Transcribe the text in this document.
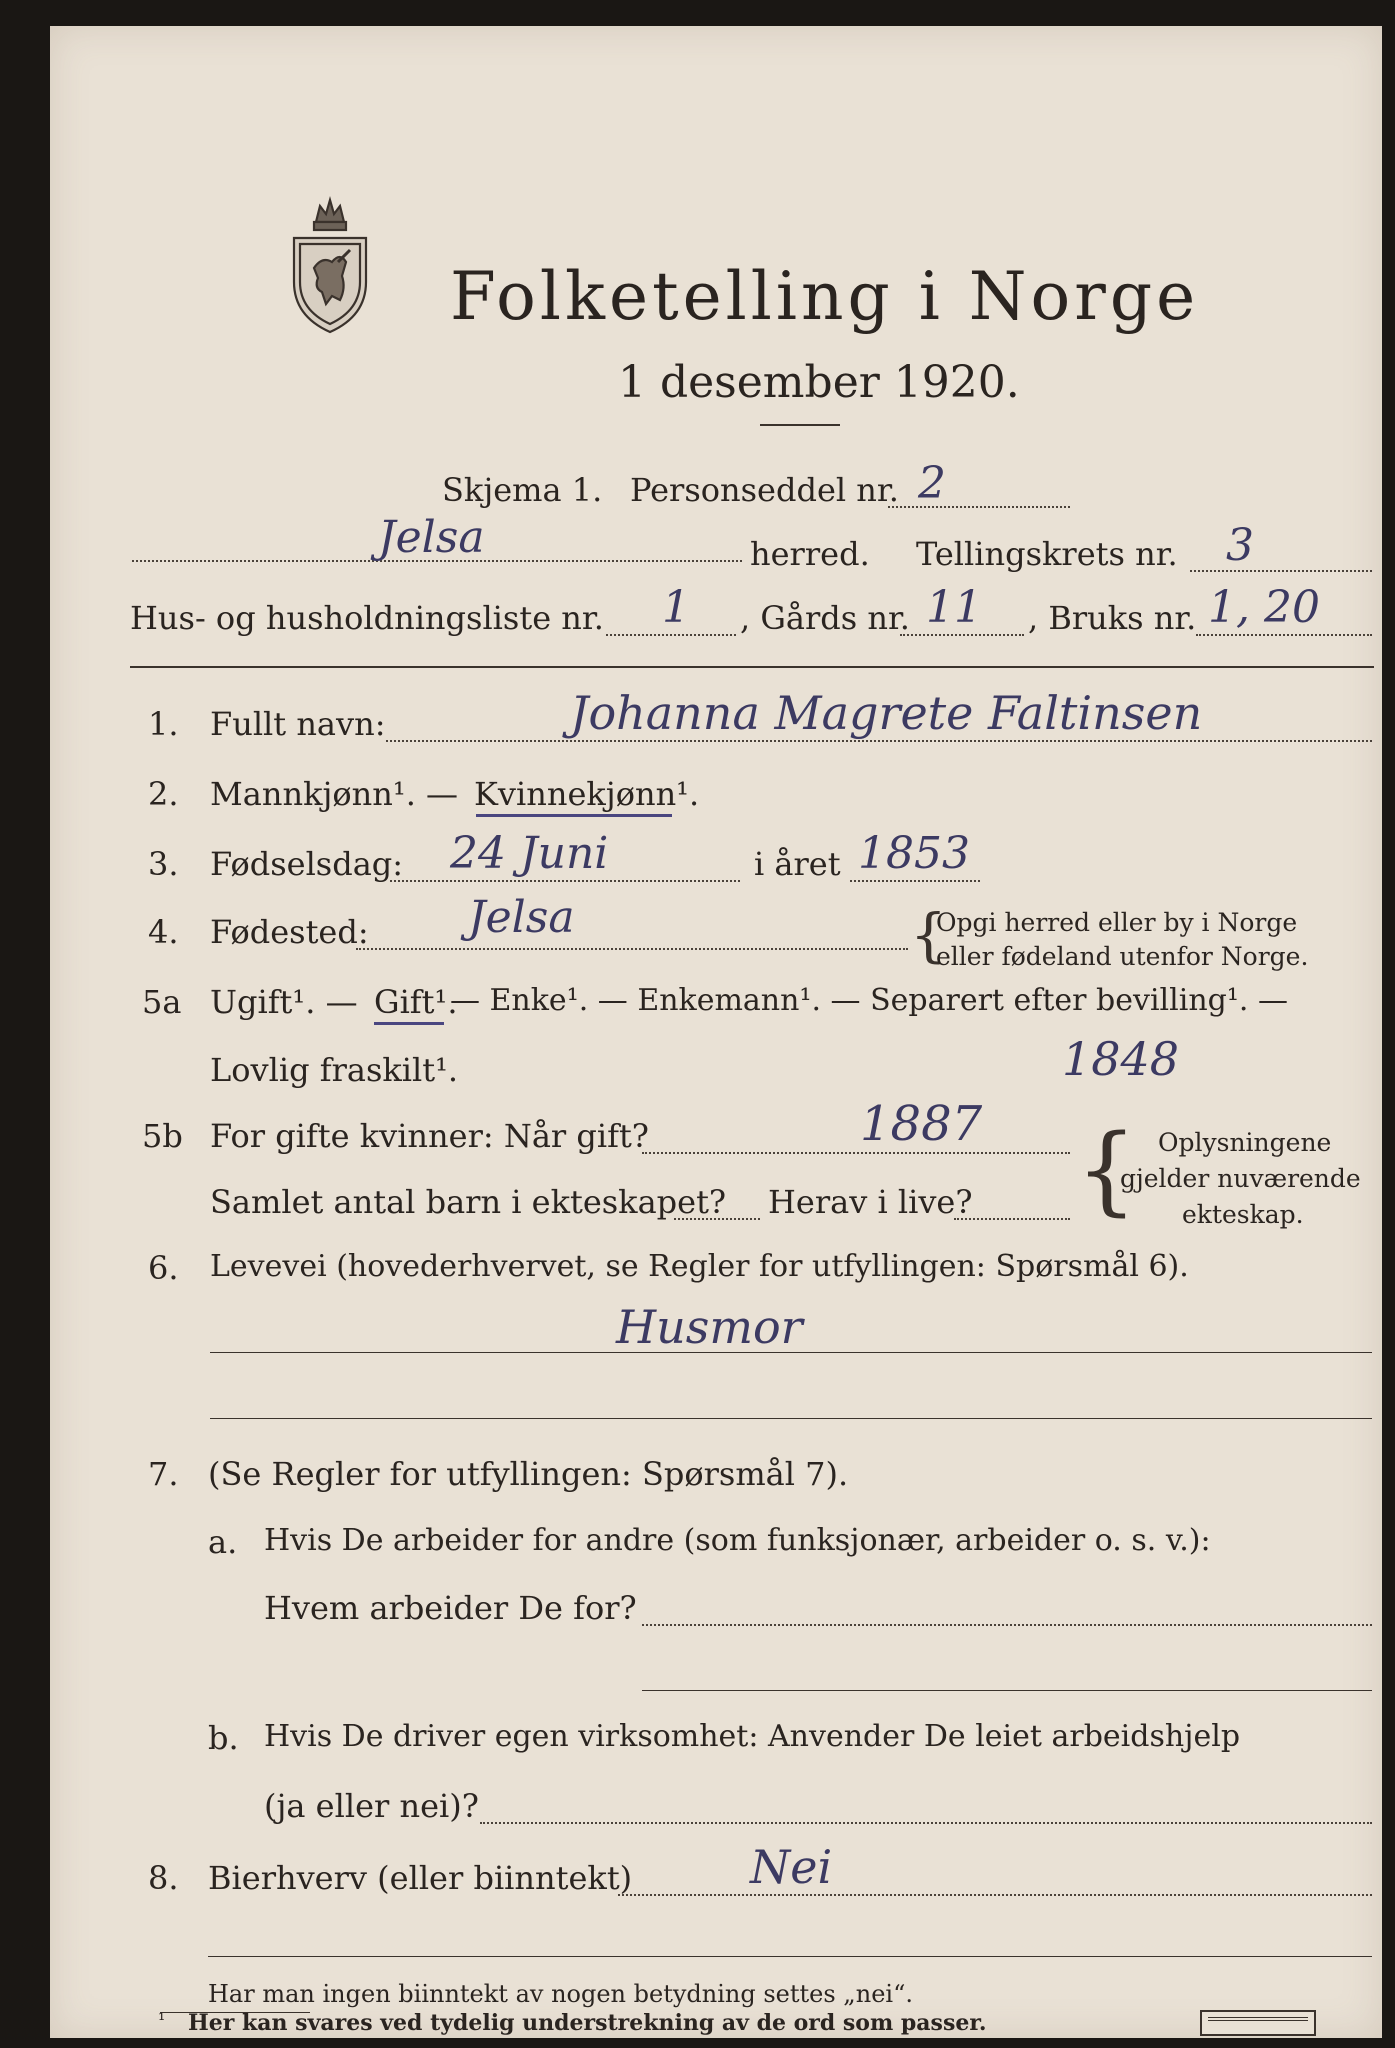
Folketelling i Norge
1 desember 1920.
Skjema 1. Personseddel nr. 2
Jelsa	herred. Tellingskrets nr. 3
Hus- og husholdningsliste nr. 1 , Gårds nr. 11 , Bruks nr. 1, 20
1. Fullt navn:	Johanna Magrete Faltinsen
2. Mannkjønn¹. — Kvinnekjønn¹.
3. Fødselsdag: 24 Juni	i året 1853
4. Fødested: Jelsa	{
Opgi herred eller by i Norge
eller fødeland utenfor Norge.
5a Ugift¹. — Gift¹.
— Enke¹. — Enkemann¹. — Separert efter bevilling¹. —
Lovlig fraskilt¹.	1848
5b For gifte kvinner: Når gift?	1887
Samlet antal barn i ekteskapet? Herav i live? { Oplysningene
gjelder nuværende
ekteskap.
6. Levevei (hovederhvervet, se Regler for utfyllingen: Spørsmål 6).
Husmor
7. (Se Regler for utfyllingen: Spørsmål 7).
a. Hvis De arbeider for andre (som funksjonær, arbeider o. s. v.):
Hvem arbeider De for?
b. Hvis De driver egen virksomhet: Anvender De leiet arbeidshjelp
(ja eller nei)?
8. Bierhverv (eller biinntekt)	Nei
Har man ingen biinntekt av nogen betydning settes „nei“.
¹ Her kan svares ved tydelig understrekning av de ord som passer.
